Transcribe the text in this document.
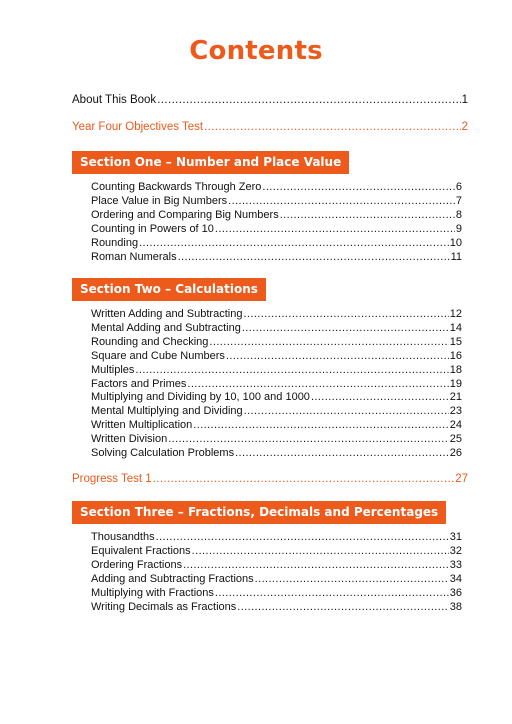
Contents
About This Book .....	1
Year Four Objectives Test .....	2
Section One – Number and Place Value
Counting Backwards Through Zero .....	6
Place Value in Big Numbers .....	7
Ordering and Comparing Big Numbers .....	8
Counting in Powers of 10 .....	9
Rounding .....	10
Roman Numerals .....	11
Section Two – Calculations
Written Adding and Subtracting .....	12
Mental Adding and Subtracting .....	14
Rounding and Checking .....	15
Square and Cube Numbers .....	16
Multiples .....	18
Factors and Primes .....	19
Multiplying and Dividing by 10, 100 and 1000 .....	21
Mental Multiplying and Dividing .....	23
Written Multiplication .....	24
Written Division .....	25
Solving Calculation Problems .....	26
Progress Test 1 .....	27
Section Three – Fractions, Decimals and Percentages
Thousandths .....	31
Equivalent Fractions .....	32
Ordering Fractions .....	33
Adding and Subtracting Fractions .....	34
Multiplying with Fractions .....	36
Writing Decimals as Fractions .....	38
